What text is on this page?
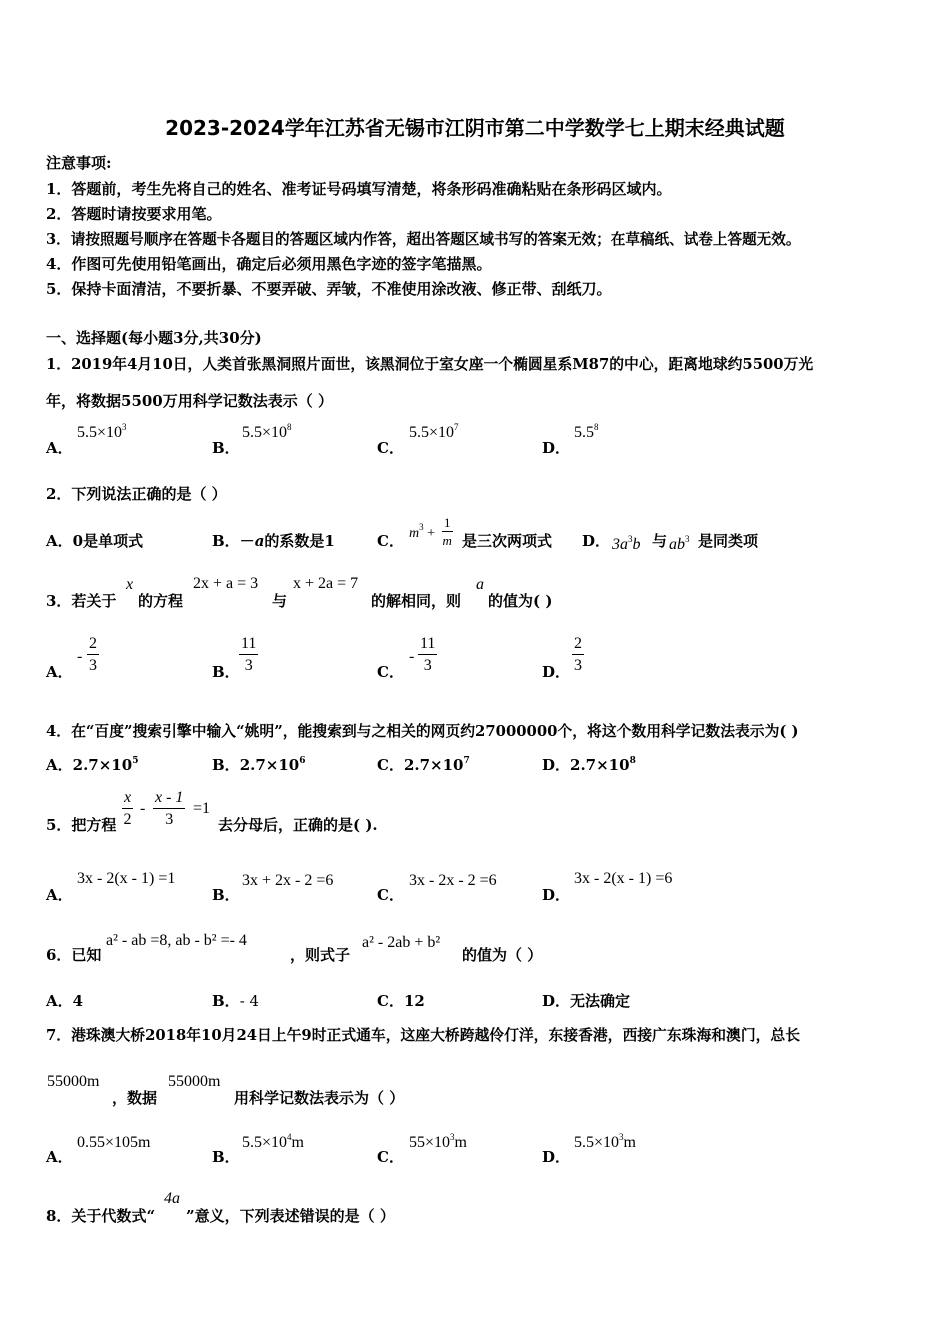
2023-2024学年江苏省无锡市江阴市第二中学数学七上期末经典试题
注意事项:
1．答题前，考生先将自己的姓名、准考证号码填写清楚，将条形码准确粘贴在条形码区域内。
2．答题时请按要求用笔。
3．请按照题号顺序在答题卡各题目的答题区域内作答，超出答题区域书写的答案无效；在草稿纸、试卷上答题无效。
4．作图可先使用铅笔画出，确定后必须用黑色字迹的签字笔描黑。
5．保持卡面清洁，不要折暴、不要弄破、弄皱，不准使用涂改液、修正带、刮纸刀。
一、选择题(每小题3分,共30分)
1．2019年4月10日，人类首张黑洞照片面世，该黑洞位于室女座一个椭圆星系M87的中心，距离地球约5500万光
年，将数据5500万用科学记数法表示（ ）
A．
$5.5\times 10^3$
B．
$5.5\times 10^8$
C．
$5.5\times 10^7$
D．
$5.5^8$
2．下列说法正确的是（ ）
A．0是单项式	B．－a的系数是1	C． $m^3 + \frac{1}{m}$ 是三次两项式 D． $3a^3b$ 与 $ab^3$ 是同类项
3．若关于
x
的方程
2x + a = 3
与
x + 2a = 7
的解相同，则
a
的值为( )
A．
- $\frac{2}{3}$	B． $\frac{11}{3}$	C．
- $\frac{11}{3}$	D． $\frac{2}{3}$
4．在“百度”搜索引擎中输入“姚明”，能搜索到与之相关的网页约27000000个，将这个数用科学记数法表示为( )
A．$2.7\times 10^5$	B．$2.7\times 10^6$	C．$2.7\times 10^7$	D．$2.7\times 10^8$
5．把方程 $\frac{x}{2} - \frac{x - 1}{3} =1$
去分母后，正确的是( ).
A．
3x - 2(x - 1) =1
B．
3x + 2x - 2 =6
C．
3x - 2x - 2 =6
D．
3x - 2(x - 1) =6
6．已知
a² - ab =8, ab - b² =- 4
，则式子
a² - 2ab + b²
的值为（ ）
A．4	B．- 4	C．12	D．无法确定
7．港珠澳大桥2018年10月24日上午9时正式通车，这座大桥跨越伶仃洋，东接香港，西接广东珠海和澳门，总长
55000m
，数据
55000m
用科学记数法表示为（ ）
A．
0.55×105m
B．
$5.5\times 10^4m$
C．
$55\times 10^3m$
D．
$5.5\times 10^3m$
8．关于代数式“
4a
”意义，下列表述错误的是（ ）
